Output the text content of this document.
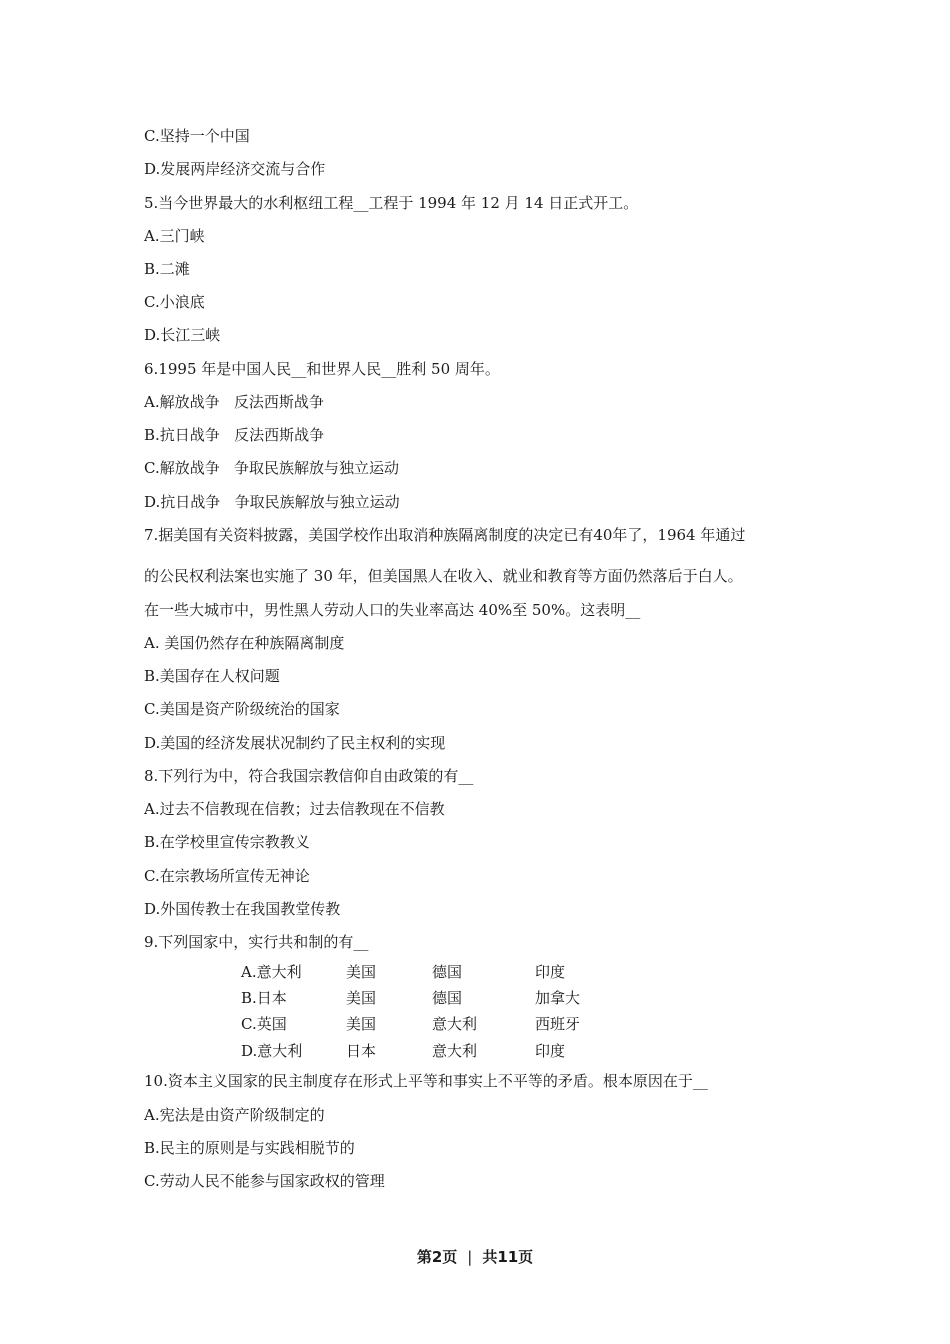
C.坚持一个中国
D.发展两岸经济交流与合作
5.当今世界最大的水利枢纽工程__工程于 1994 年 12 月 14 日正式开工。
A.三门峡
B.二滩
C.小浪底
D.长江三峡
6.1995 年是中国人民__和世界人民__胜利 50 周年。
A.解放战争   反法西斯战争
B.抗日战争   反法西斯战争
C.解放战争   争取民族解放与独立运动
D.抗日战争   争取民族解放与独立运动
7.据美国有关资料披露，美国学校作出取消种族隔离制度的决定已有40年了，1964 年通过
的公民权利法案也实施了 30 年，但美国黑人在收入、就业和教育等方面仍然落后于白人。
在一些大城市中，男性黑人劳动人口的失业率高达 40%至 50%。这表明__
A. 美国仍然存在种族隔离制度
B.美国存在人权问题
C.美国是资产阶级统治的国家
D.美国的经济发展状况制约了民主权利的实现
8.下列行为中，符合我国宗教信仰自由政策的有__
A.过去不信教现在信教；过去信教现在不信教
B.在学校里宣传宗教教义
C.在宗教场所宣传无神论
D.外国传教士在我国教堂传教
9.下列国家中，实行共和制的有__
A.意大利	美国	德国	印度
B.日本	美国	德国	加拿大
C.英国	美国	意大利	西班牙
D.意大利	日本	意大利	印度
10.资本主义国家的民主制度存在形式上平等和事实上不平等的矛盾。根本原因在于__
A.宪法是由资产阶级制定的
B.民主的原则是与实践相脱节的
C.劳动人民不能参与国家政权的管理
第2页 | 共11页
